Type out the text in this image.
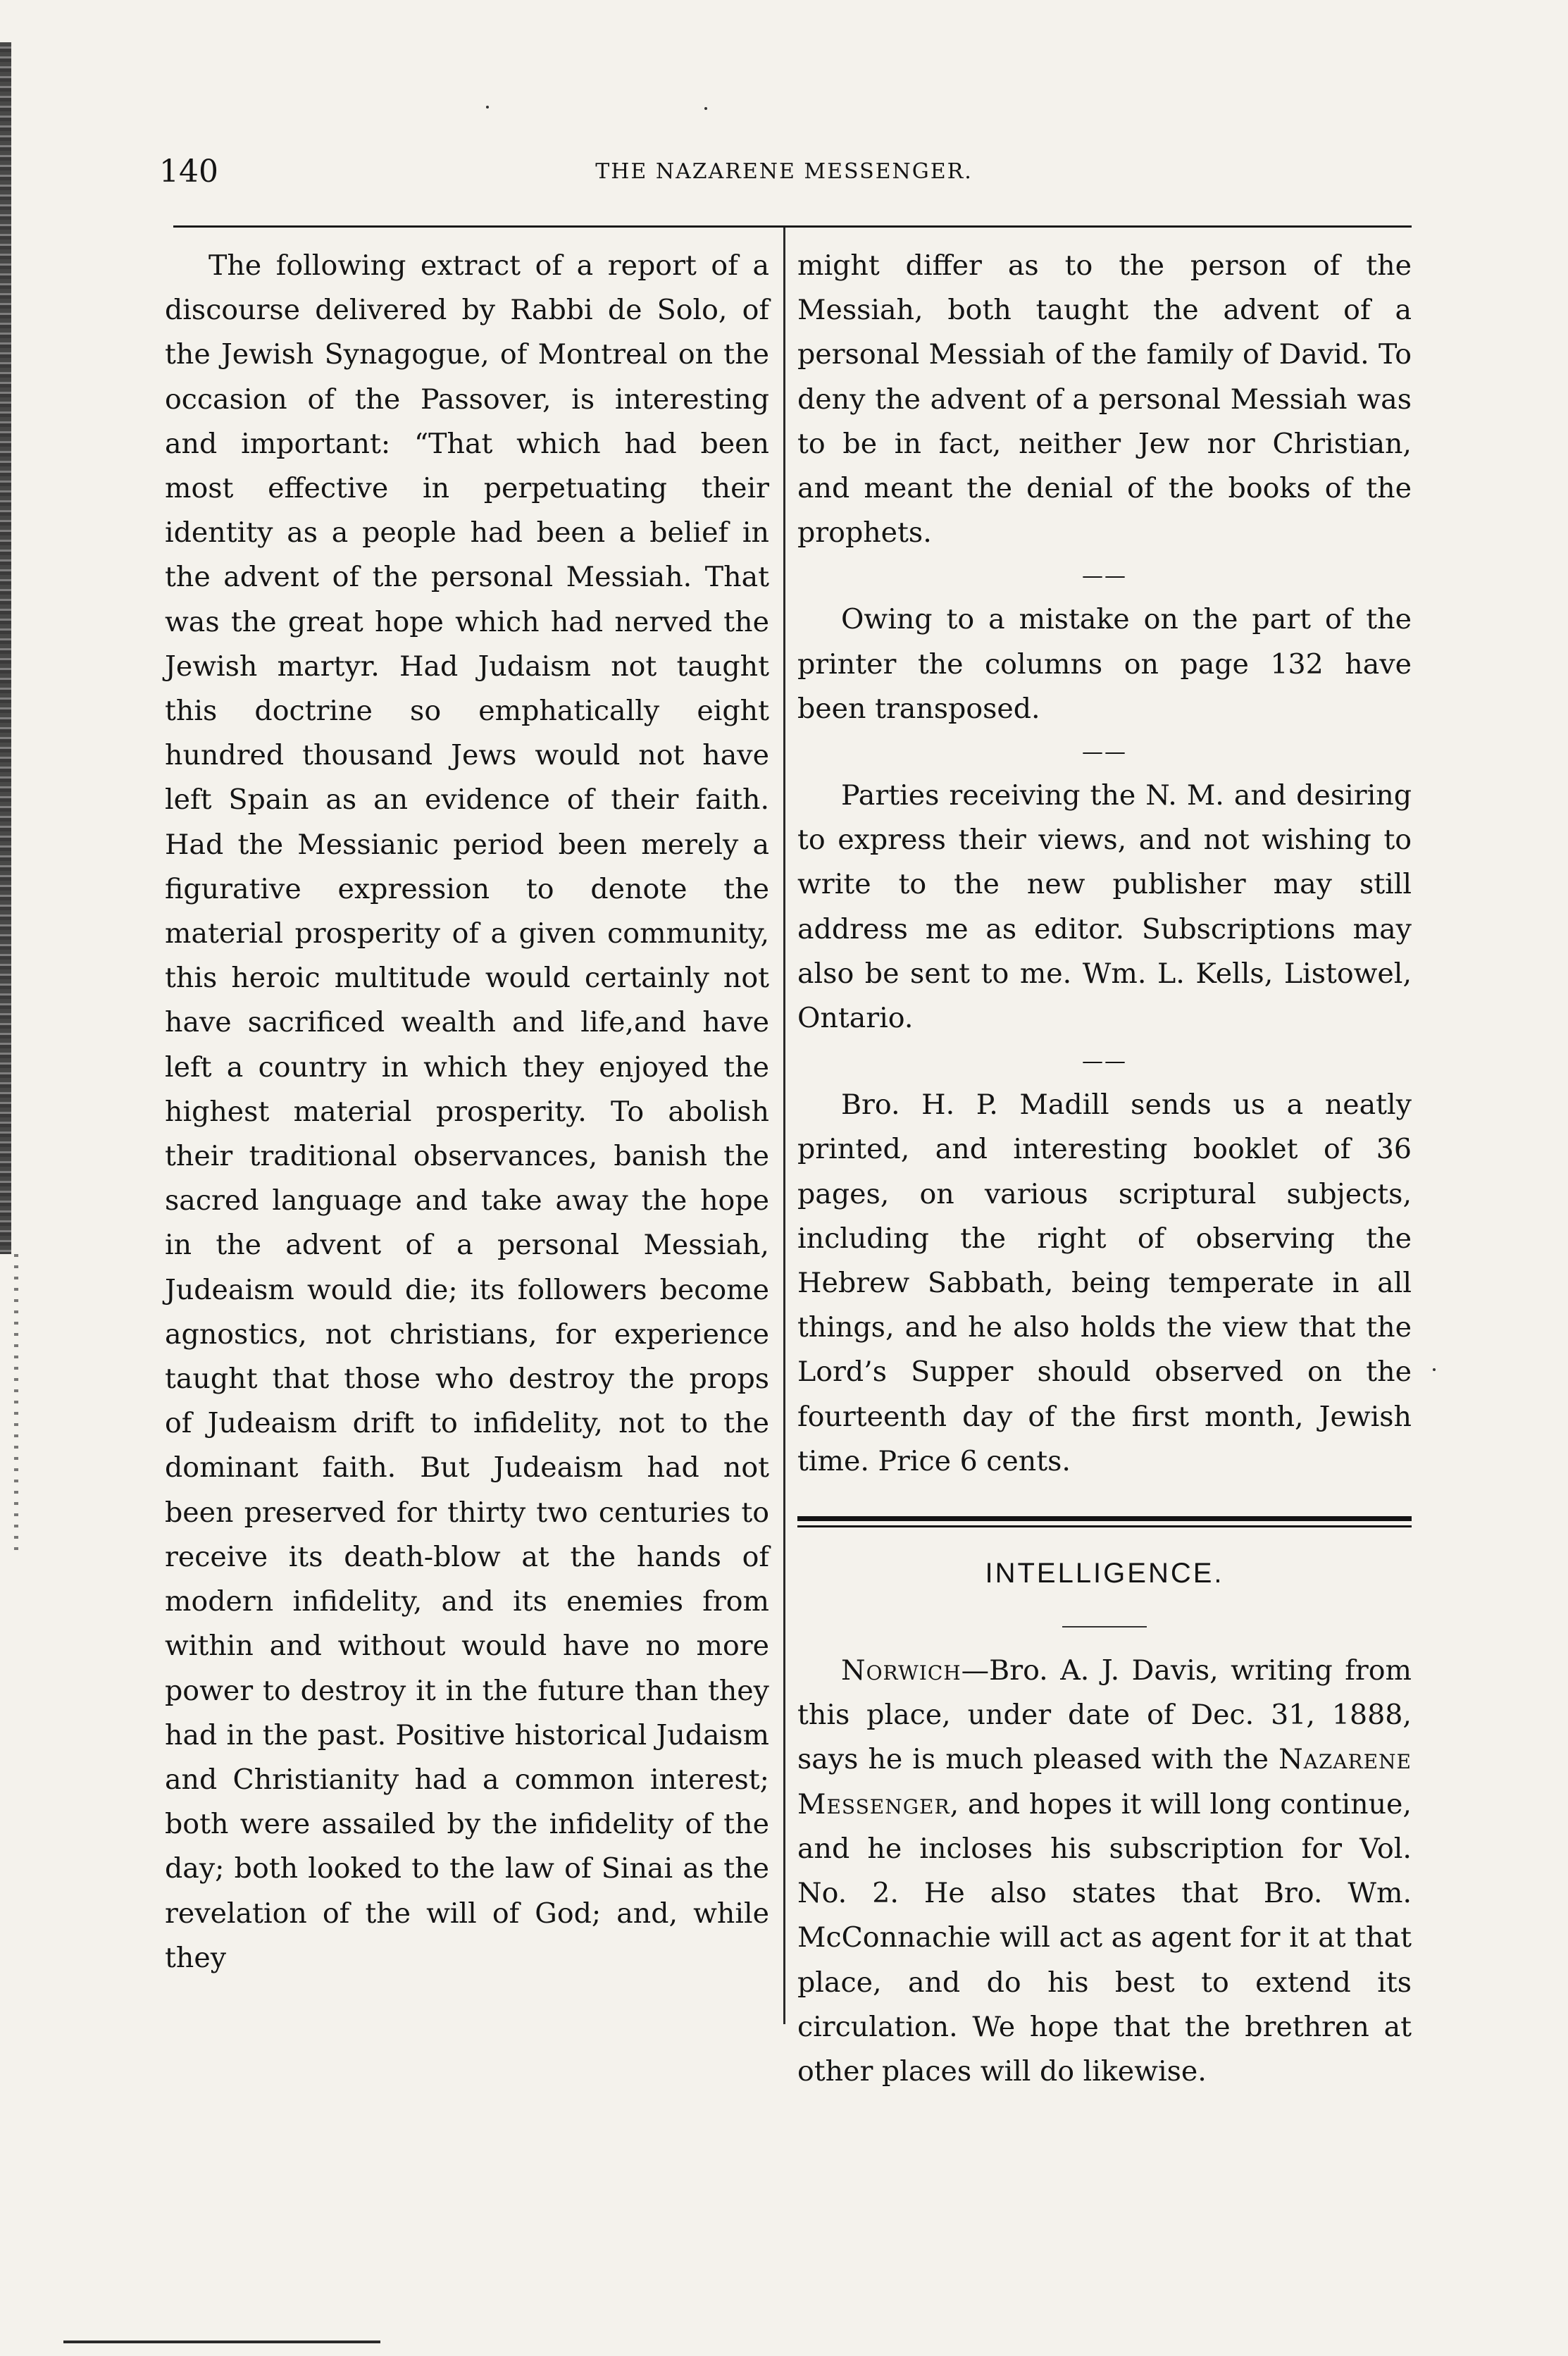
140	THE NAZARENE MESSENGER.

The following extract of a report of a discourse delivered by Rabbi de Solo, of the Jewish Synagogue, of Montreal on the occasion of the Passover, is interesting and important: “That which had been most effective in perpetuating their identity as a people had been a belief in the advent of the personal Messiah. That was the great hope which had nerved the Jewish martyr. Had Judaism not taught this doctrine so emphatically eight hundred thousand Jews would not have left Spain as an evidence of their faith. Had the Messianic period been merely a figurative expression to denote the material prosperity of a given community, this heroic multitude would certainly not have sacrificed wealth and life,and have left a country in which they enjoyed the highest material prosperity. To abolish their traditional observances, banish the sacred language and take away the hope in the advent of a personal Messiah, Judeaism would die; its followers become agnostics, not christians, for experience taught that those who destroy the props of Judeaism drift to infidelity, not to the dominant faith. But Judeaism had not been preserved for thirty two centuries to receive its death-blow at the hands of modern infidelity, and its enemies from within and without would have no more power to destroy it in the future than they had in the past. Positive historical Judaism and Christianity had a common interest; both were assailed by the infidelity of the day; both looked to the law of Sinai as the revelation of the will of God; and, while they

might differ as to the person of the Messiah, both taught the advent of a personal Messiah of the family of David. To deny the advent of a personal Messiah was to be in fact, neither Jew nor Christian, and meant the denial of the books of the prophets.

——

Owing to a mistake on the part of the printer the columns on page 132 have been transposed.

——

Parties receiving the N. M. and desiring to express their views, and not wishing to write to the new publisher may still address me as editor. Subscriptions may also be sent to me. Wm. L. Kells, Listowel, Ontario.

——

Bro. H. P. Madill sends us a neatly printed, and interesting booklet of 36 pages, on various scriptural subjects, including the right of observing the Hebrew Sabbath, being temperate in all things, and he also holds the view that the Lord’s Supper should observed on the fourteenth day of the first month, Jewish time. Price 6 cents.

INTELLIGENCE.

Norwich—Bro. A. J. Davis, writing from this place, under date of Dec. 31, 1888, says he is much pleased with the Nazarene Messenger, and hopes it will long continue, and he incloses his subscription for Vol. No. 2. He also states that Bro. Wm. McConnachie will act as agent for it at that place, and do his best to extend its circulation. We hope that the brethren at other places will do likewise.
